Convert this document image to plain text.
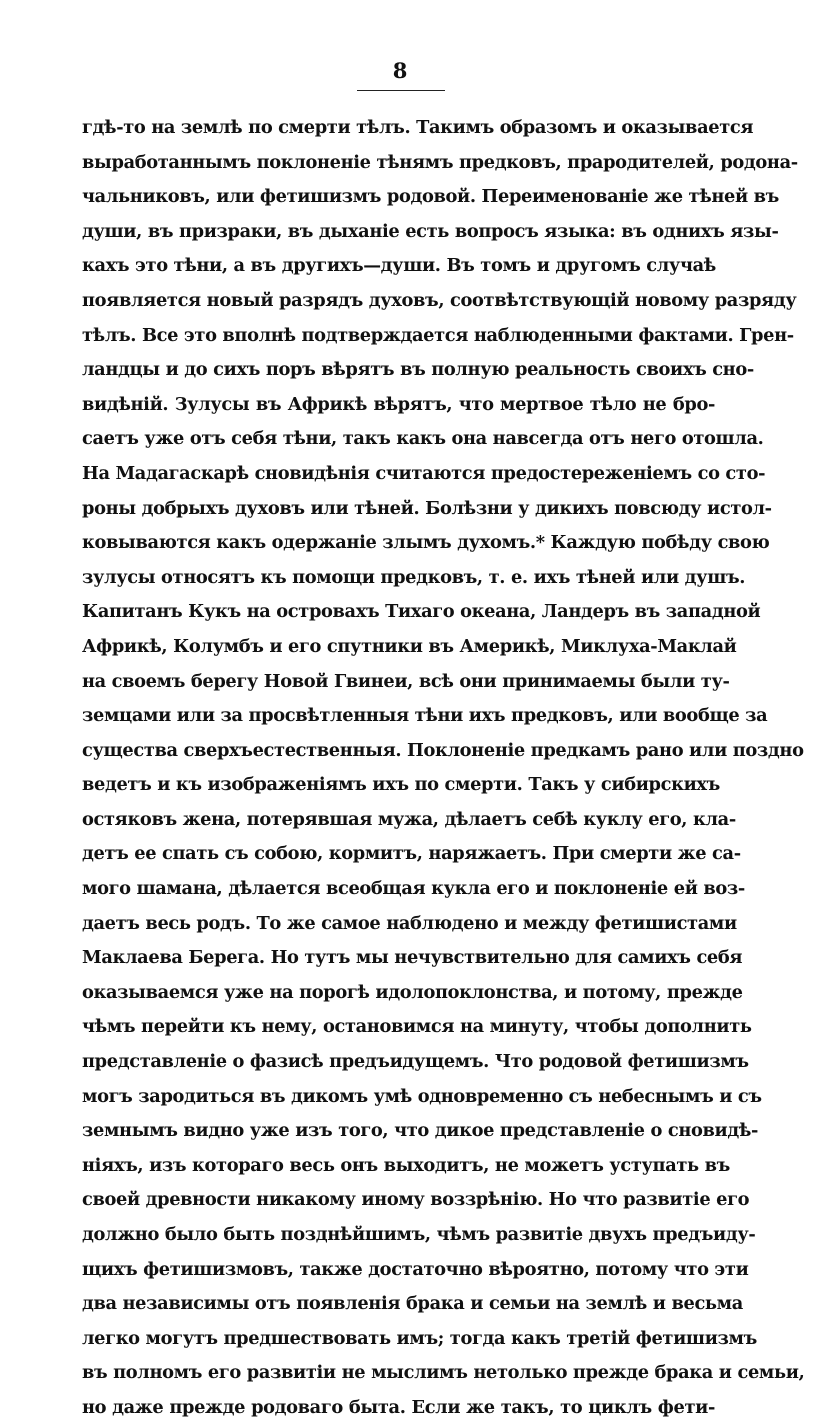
8
гдѣ-то на землѣ по смерти тѣлъ. Такимъ образомъ и оказывается
выработаннымъ поклоненіе тѣнямъ предковъ, прародителей, родона-
чальниковъ, или фетишизмъ родовой. Переименованіе же тѣней въ
души, въ призраки, въ дыханіе есть вопросъ языка: въ однихъ язы-
кахъ это тѣни, а въ другихъ—души. Въ томъ и другомъ случаѣ
появляется новый разрядъ духовъ, соотвѣтствующій новому разряду
тѣлъ. Все это вполнѣ подтверждается наблюденными фактами. Грен-
ландцы и до сихъ поръ вѣрятъ въ полную реальность своихъ сно-
видѣній. Зулусы въ Африкѣ вѣрятъ, что мертвое тѣло не бро-
саетъ уже отъ себя тѣни, такъ какъ она навсегда отъ него отошла.
На Мадагаскарѣ сновидѣнія считаются предостереженіемъ со сто-
роны добрыхъ духовъ или тѣней. Болѣзни у дикихъ повсюду истол-
ковываются какъ одержаніе злымъ духомъ.* Каждую побѣду свою
зулусы относятъ къ помощи предковъ, т. е. ихъ тѣней или душъ.
Капитанъ Кукъ на островахъ Тихаго океана, Ландеръ въ западной
Африкѣ, Колумбъ и его спутники въ Америкѣ, Миклуха-Маклай
на своемъ берегу Новой Гвинеи, всѣ они принимаемы были ту-
земцами или за просвѣтленныя тѣни ихъ предковъ, или вообще за
существа сверхъестественныя. Поклоненіе предкамъ рано или поздно
ведетъ и къ изображеніямъ ихъ по смерти. Такъ у сибирскихъ
остяковъ жена, потерявшая мужа, дѣлаетъ себѣ куклу его, кла-
детъ ее спать съ собою, кормитъ, наряжаетъ. При смерти же са-
мого шамана, дѣлается всеобщая кукла его и поклоненіе ей воз-
даетъ весь родъ. То же самое наблюдено и между фетишистами
Маклаева Берега. Но тутъ мы нечувствительно для самихъ себя
оказываемся уже на порогѣ идолопоклонства, и потому, прежде
чѣмъ перейти къ нему, остановимся на минуту, чтобы дополнить
представленіе о фазисѣ предъидущемъ. Что родовой фетишизмъ
могъ зародиться въ дикомъ умѣ одновременно съ небеснымъ и съ
земнымъ видно уже изъ того, что дикое представленіе о сновидѣ-
ніяхъ, изъ котораго весь онъ выходитъ, не можетъ уступать въ
своей древности никакому иному воззрѣнію. Но что развитіе его
должно было быть позднѣйшимъ, чѣмъ развитіе двухъ предъиду-
щихъ фетишизмовъ, также достаточно вѣроятно, потому что эти
два независимы отъ появленія брака и семьи на землѣ и весьма
легко могутъ предшествовать имъ; тогда какъ третій фетишизмъ
въ полномъ его развитіи не мыслимъ нетолько прежде брака и семьи,
но даже прежде родоваго быта. Если же такъ, то циклъ фети-
